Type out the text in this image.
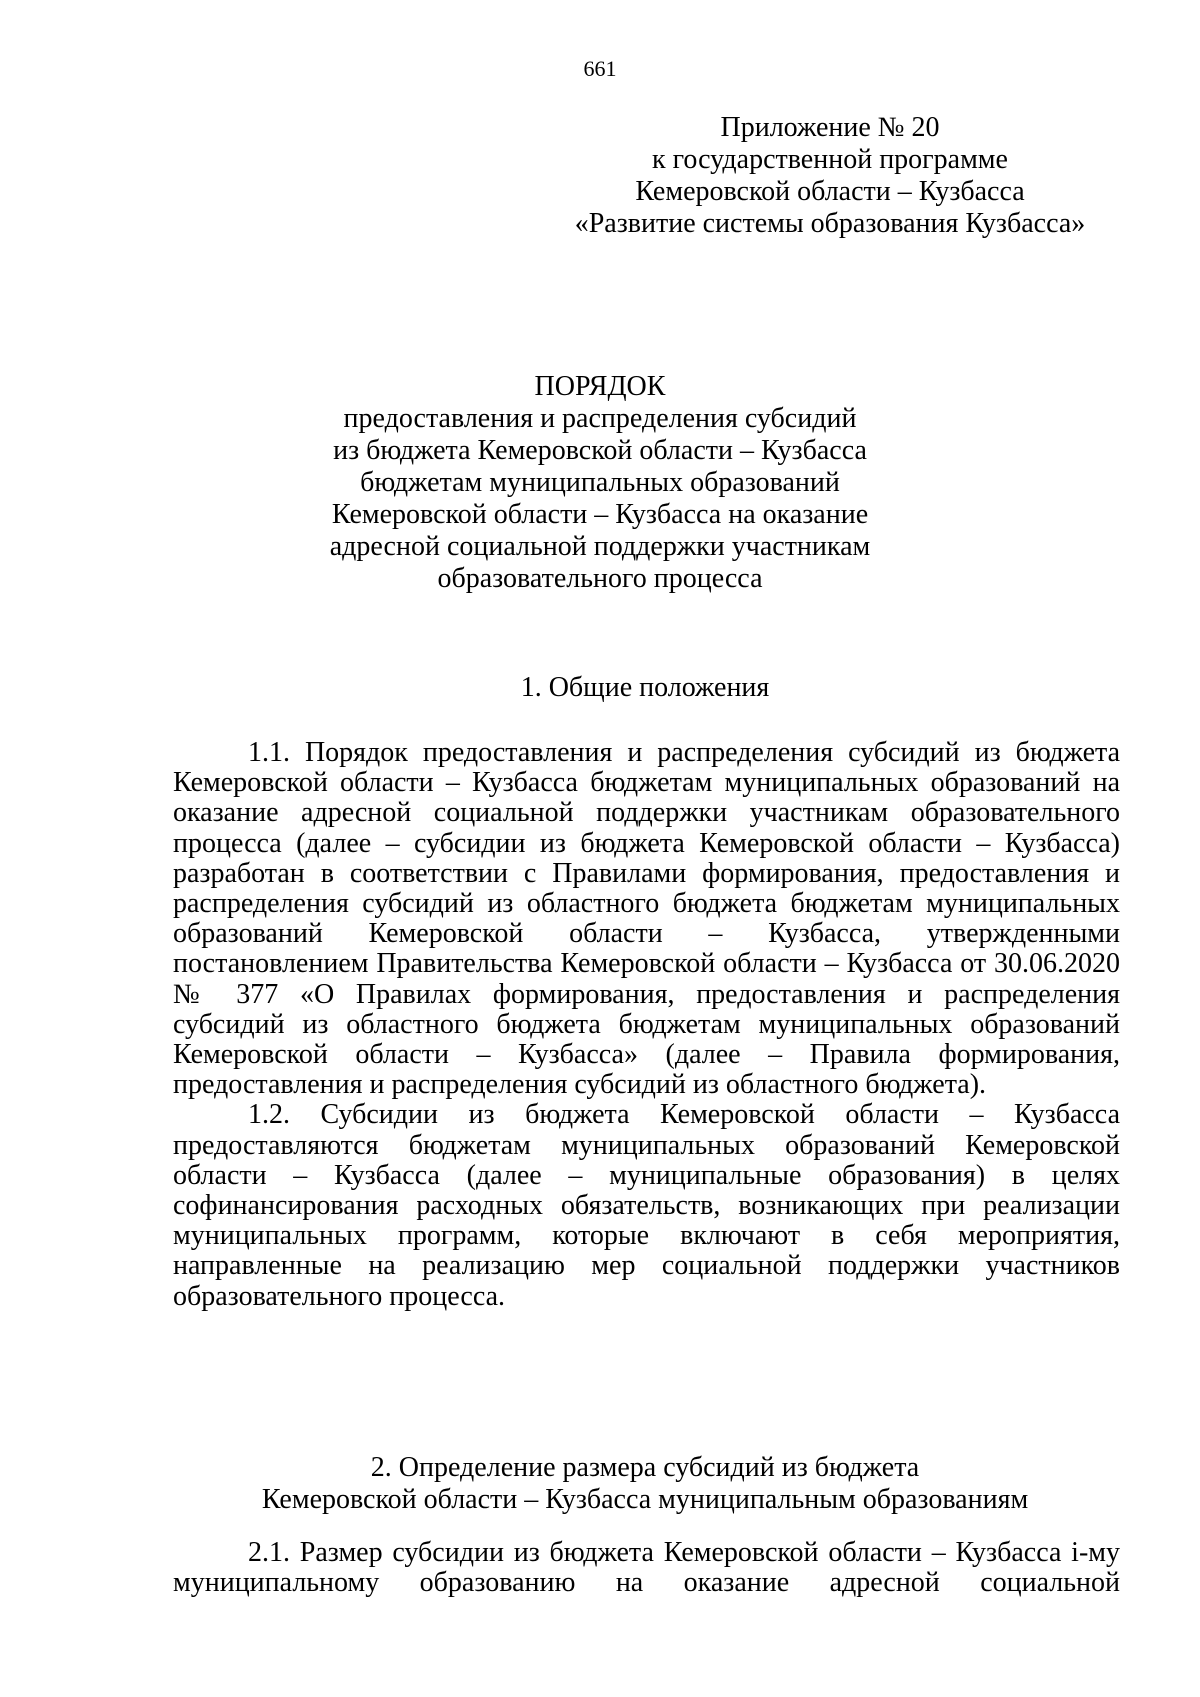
661
Приложение № 20
к государственной программе
Кемеровской области – Кузбасса
«Развитие системы образования Кузбасса»
ПОРЯДОК
предоставления и распределения субсидий
из бюджета Кемеровской области – Кузбасса
бюджетам муниципальных образований
Кемеровской области – Кузбасса на оказание
адресной социальной поддержки участникам
образовательного процесса
1. Общие положения

1.1. Порядок предоставления и распределения субсидий из бюджета Кемеровской области – Кузбасса бюджетам муниципальных образований на оказание адресной социальной поддержки участникам образовательного процесса (далее – субсидии из бюджета Кемеровской области – Кузбасса) разработан в соответствии с Правилами формирования, предоставления и распределения субсидий из областного бюджета бюджетам муниципальных образований Кемеровской области – Кузбасса, утвержденными постановлением Правительства Кемеровской области – Кузбасса от 30.06.2020 № 377 «О Правилах формирования, предоставления и распределения субсидий из областного бюджета бюджетам муниципальных образований Кемеровской области – Кузбасса» (далее – Правила формирования, предоставления и распределения субсидий из областного бюджета).

1.2. Субсидии из бюджета Кемеровской области – Кузбасса предоставляются бюджетам муниципальных образований Кемеровской области – Кузбасса (далее – муниципальные образования) в целях софинансирования расходных обязательств, возникающих при реализации муниципальных программ, которые включают в себя мероприятия, направленные на реализацию мер социальной поддержки участников образовательного процесса.

2. Определение размера субсидий из бюджета
Кемеровской области – Кузбасса муниципальным образованиям

2.1. Размер субсидии из бюджета Кемеровской области – Кузбасса i-му муниципальному образованию на оказание адресной социальной
